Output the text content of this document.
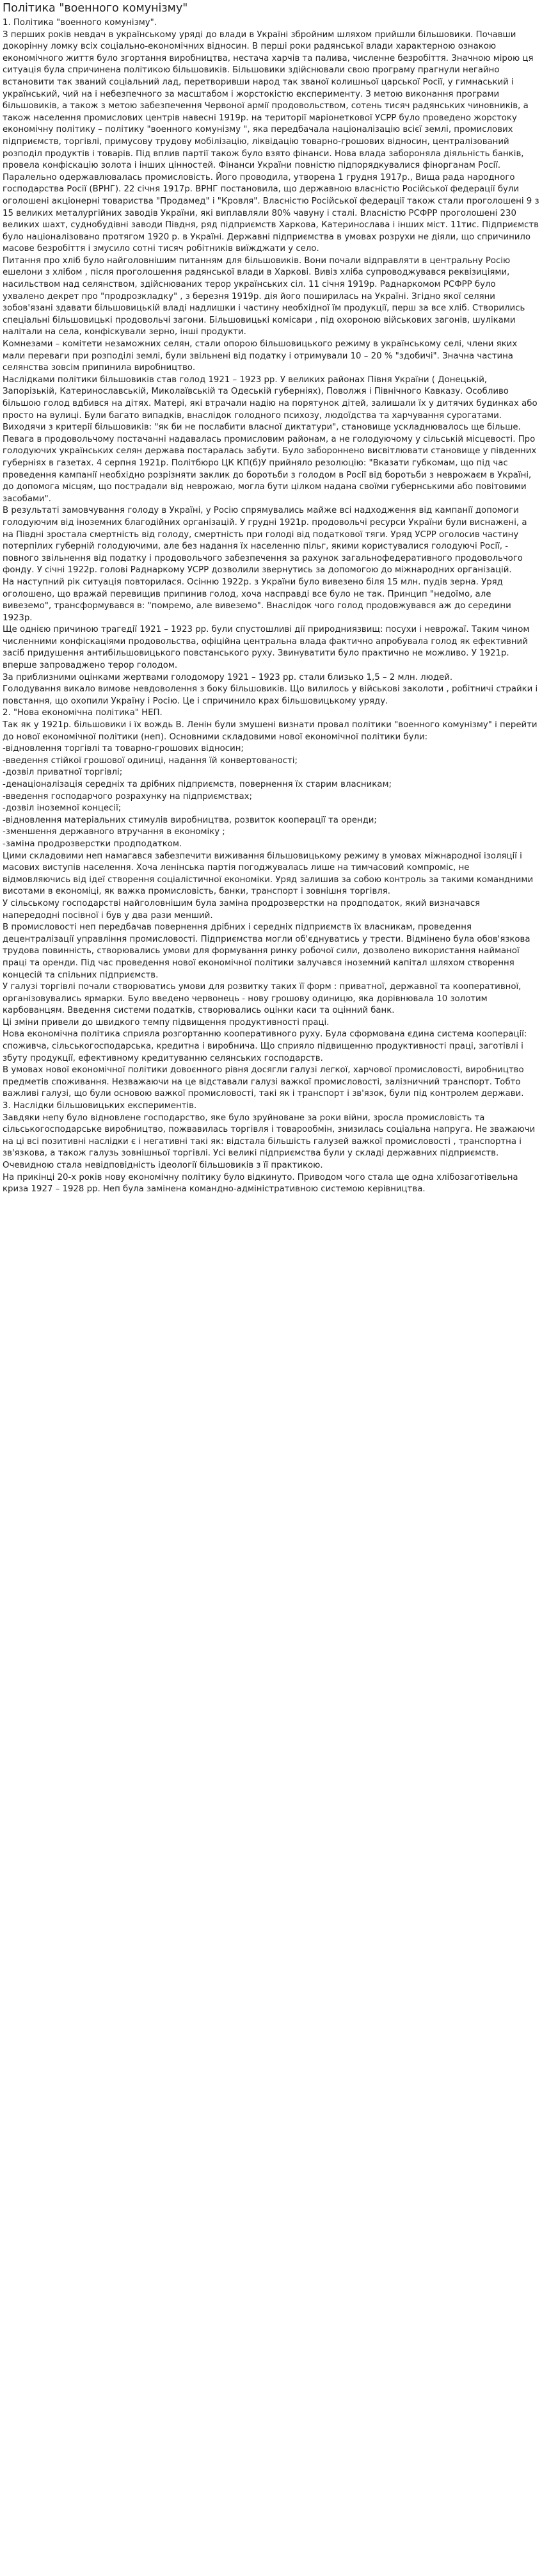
Політика "военного комунізму"

1. Політика "военного комунізму".

З перших років невдач в українському уряді до влади в Україні збройним шляхом прийшли більшовики. Почавши докорінну ломку всіх соціально-економічних відносин. В перші роки радянської влади характерною ознакою економічного життя було згортання виробництва, нестача харчів та палива, численне безробіття. Значною мірою ця ситуація була спричинена політикою більшовиків. Більшовики здійснювали свою програму прагнули негайно встановити так званий соціальний лад, перетворивши народ так званої колишньої царської Росії, у гимнаський і український, чий на і небезпечного за масштабом і жорстокістю експерименту. З метою виконання програми більшовиків, а також з метою забезпечення Червоної армії продовольством, сотень тисяч радянських чиновників, а також населення промислових центрів навесні 1919р. на території маріонеткової УСРР було проведено жорстоку економічну політику – політику "военного комунізму ", яка передбачала націоналізацію всієї землі, промислових підприємств, торгівлі, примусову трудову мобілізацію, ліквідацію товарно-грошових відносин, централізований розподіл продуктів і товарів. Під вплив партії також було взято фінанси. Нова влада забороняла діяльність банків, провела конфіскацію золота і інших цінностей. Фінанси України повністю підпорядкувалися фінорганам Росії. Паралельно одержавлювалась промисловість. Його проводила, утворена 1 грудня 1917р., Вища рада народного господарства Росії (ВРНГ). 22 січня 1917р. ВРНГ постановила, що державною власністю Російської федерації були оголошені акціонерні товариства "Продамед" і "Кровля". Власністю Російської федерації також стали проголошені 9 з 15 великих металургійних заводів України, які виплавляли 80% чавуну і сталі. Власністю РСФРР проголошені 230 великих шахт, суднобудівні заводи Півдня, ряд підприємств Харкова, Катеринослава і інших міст. 11тис. Підприємств було націоналізовано протягом 1920 р. в Україні. Державні підприємства в умовах розрухи не діяли, що спричинило масове безробіття і змусило сотні тисяч робітників виїжджати у село.

Питання про хліб було найголовнішим питанням для більшовиків. Вони почали відправляти в центральну Росію ешелони з хлібом , після проголошення радянської влади в Харкові. Вивіз хліба супроводжувався реквізиціями, насильством над селянством, здійснюваних терор українських сіл. 11 січня 1919р. Раднаркомом РСФРР було ухвалено декрет про "продрозкладку" , з березня 1919р. дія його поширилась на Україні. Згідно якої селяни зобов'язані здавати більшовицькій владі надлишки і частину необхідної їм продукції, перш за все хліб. Створились спеціальні більшовицькі продовольчі загони. Більшовицькі комісари , під охороною військових загонів, шуліками налітали на села, конфіскували зерно, інші продукти.

Комнезами – комітети незаможних селян, стали опорою більшовицького режиму в українському селі, члени яких мали переваги при розподілі землі, були звільнені від податку і отримували 10 – 20 % "здобичі". Значна частина селянства зовсім припинила виробництво.

Наслідками політики більшовиків став голод 1921 – 1923 рр. У великих районах Півня України ( Донецькій, Запорізькій, Катеринославській, Миколаївській та Одеській губерніях), Поволжя і Північного Кавказу. Особливо більшою голод вдбився на дітях. Матері, які втрачали надію на порятунок дітей, залишали їх у дитячих будинках або просто на вулиці. Були багато випадків, внаслідок голодного психозу, людоїдства та харчування сурогатами.

Виходячи з критерії більшовиків: "як би не послабити власної диктатури", становище ускладнювалось ще більше. Певага в продовольчому постачанні надавалась промисловим районам, а не голодуючому у сільській місцевості. Про голодуючих українських селян держава постаралась забути. Було забороннено висвітлювати становище у південних губерніях в газетах. 4 серпня 1921р. Політбюро ЦК КП(б)У прийняло резолюцію: "Вказати губкомам, що під час проведення кампанії необхідно розрізняти заклик до боротьби з голодом в Росії від боротьби з неврожаєм в Україні, до допомога місцям, що пострадали від неврожаю, могла бути цілком надана своїми губернськими або повітовими засобами".

В результаті замовчування голоду в Україні, у Росію спрямувались майже всі надходження від кампанії допомоги голодуючим від іноземних благодійних організацій. У грудні 1921р. продовольчі ресурси України були виснажені, а на Півдні зростала смертність від голоду, смертність при голоді від податкової тяги. Уряд УСРР оголосив частину потерпілих губерній голодуючими, але без надання їх населенню пільг, якими користувалися голодуючі Росії, - повного звільнення від податку і продовольчого забезпечення за рахунок загальнофедеративного продовольчого фонду. У січні 1922р. голові Раднаркому УСРР дозволили звернутись за допомогою до міжнародних організацій.

На наступний рік ситуація повторилася. Осінню 1922р. з України було вивезено біля 15 млн. пудів зерна. Уряд оголошено, що вражай перевищив припинив голод, хоча насправді все було не так. Принцип "недоїмо, але вивеземо", трансформувався в: "помремо, але вивеземо". Внаслідок чого голод продовжувався аж до середини 1923р.

Ще однією причиною трагедії 1921 – 1923 рр. були спустошливі дії природниязвищ: посухи і неврожаї. Таким чином численними конфіскаціями продовольства, офіційна центральна влада фактично апробувала голод як ефективний засіб придушення антибільшовицького повстанського руху. Звинуватити було практично не можливо. У 1921р. вперше запроваджено терор голодом.

За приблизними оцінками жертвами голодомору 1921 – 1923 рр. стали близько 1,5 – 2 млн. людей.

Голодування викало вимове невдоволення з боку більшовиків. Що вилилось у військові заколоти , робітничі страйки і повстання, що охопили Україну і Росію. Це і спричинило крах більшовицькому уряду.

2. "Нова економічна політика" НЕП.

Так як у 1921р. більшовики і їх вождь В. Ленін були змушені визнати провал політики "военного комунізму" і перейти до нової економічної політики (неп). Основними складовими нової економічної політики були:

-відновлення торгівлі та товарно-грошових відносин;

-введення стійкої грошової одиниці, надання їй конвертованості;

-дозвіл приватної торгівлі;

-денаціоналізація середніх та дрібних підприємств, повернення їх старим власникам;

-введення господарчого розрахунку на підприємствах;

-дозвіл іноземної концесії;

-відновлення матеріальних стимулів виробництва, розвиток кооперації та оренди;

-зменшення державного втручання в економіку ;

-заміна продрозверстки продподатком.

Цими складовими неп намагався забезпечити виживання більшовицькому режиму в умовах міжнародної ізоляції і масових виступів населення. Хоча ленінська партія погоджувалась лише на тимчасовий компроміс, не відмовляючись від ідеї створення соціалістичної економіки. Уряд залишив за собою контроль за такими командними висотами в економіці, як важка промисловість, банки, транспорт і зовнішня торгівля.

У сільському господарстві найголовнішим була заміна продрозверстки на продподаток, який визначався напередодні посівної і був у два рази менший.

В промисловості неп передбачав повернення дрібних і середніх підприємств їх власникам, проведення децентралізації управління промисловості. Підприємства могли об'єднуватись у трести. Відмінено була обов'язкова трудова повинність, створювались умови для формування ринку робочої сили, дозволено використання найманої праці та оренди. Під час проведення нової економічної політики залучався іноземний капітал шляхом створення концесій та спільних підприємств.

У галузі торгівлі почали створюватись умови для розвитку таких її форм : приватної, державної та кооперативної, організовувались ярмарки. Було введено червонець - нову грошову одиницю, яка дорівнювала 10 золотим карбованцям. Введення системи податків, створювались оцінки каси та оцінний банк.

Ці зміни привели до швидкого темпу підвищення продуктивності праці.

Нова економічна політика сприяла розгортанню кооперативного руху. Була сформована єдина система кооперації: споживча, сільськогосподарська, кредитна і виробнича. Що сприяло підвищенню продуктивності праці, заготівлі і збуту продукції, ефективному кредитуванню селянських господарств.

В умовах нової економічної політики довоєнного рівня досягли галузі легкої, харчової промисловості, виробництво предметів споживання. Незважаючи на це відставали галузі важкої промисловості, залізничний транспорт. Тобто важливі галузі, що були основою важкої промисловості, такі як і транспорт і зв'язок, були під контролем держави.

3. Наслідки більшовицьких експериментів.

Завдяки непу було відновлене господарство, яке було зруйноване за роки війни, зросла промисловість та сільськогосподарське виробництво, пожвавилась торгівля і товарообмін, знизилась соціальна напруга. Не зважаючи на ці всі позитивні наслідки є і негативні такі як: відстала більшість галузей важкої промисловості , транспортна і зв'язкова, а також галузь зовнішньої торгівлі. Усі великі підприємства були у складі державних підприємств. Очевидною стала невідповідність ідеології більшовиків з її практикою.

На прикінці 20-х років нову економічну політику було відкинуто. Приводом чого стала ще одна хлібозаготівельна криза 1927 – 1928 рр. Неп була замінена командно-адміністративною системою керівництва.
